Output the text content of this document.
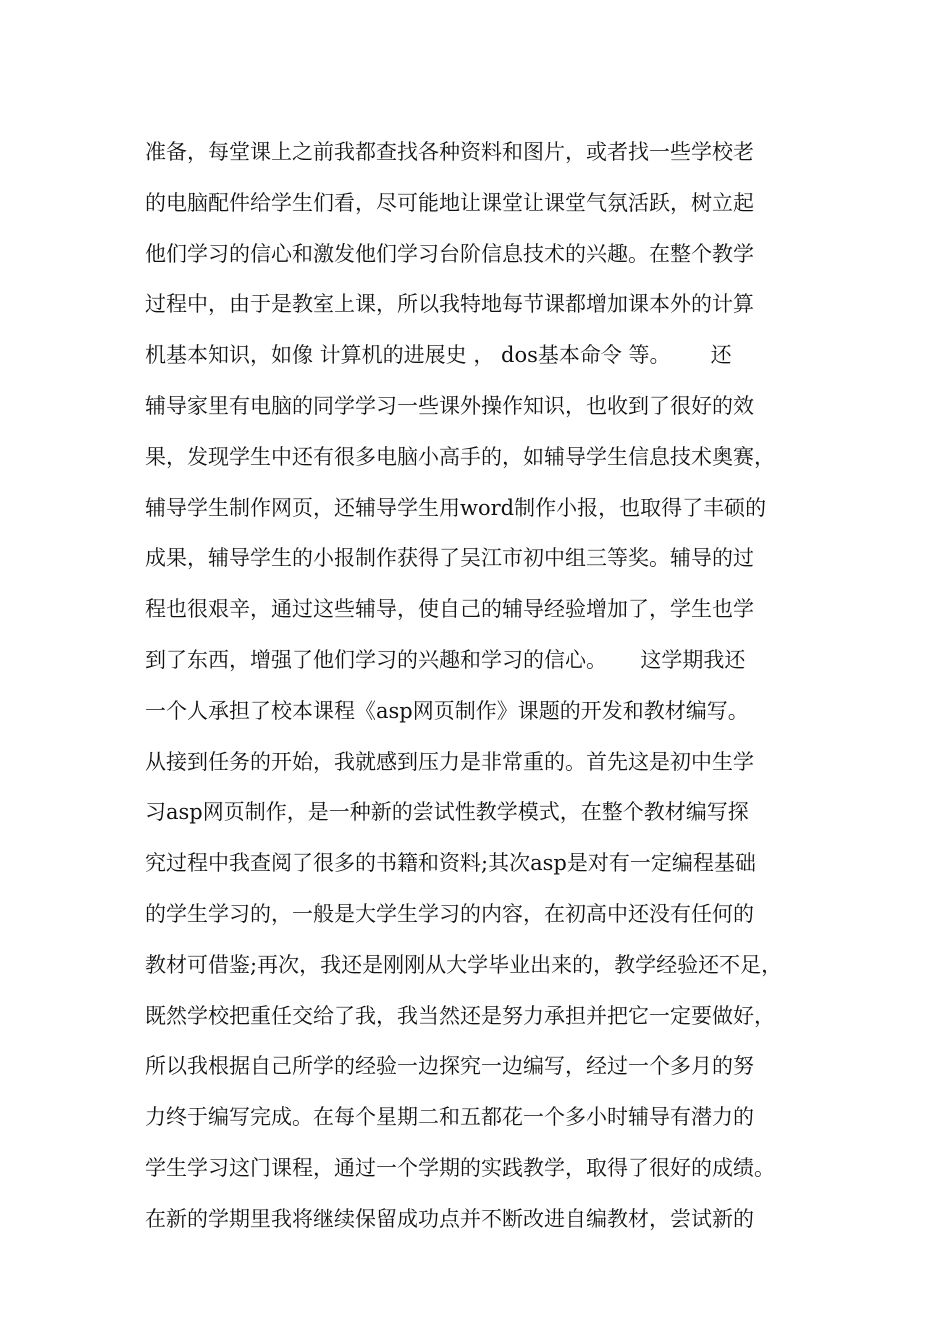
准备，每堂课上之前我都查找各种资料和图片，或者找一些学校老
的电脑配件给学生们看，尽可能地让课堂让课堂气氛活跃，树立起
他们学习的信心和激发他们学习台阶信息技术的兴趣。在整个教学
过程中，由于是教室上课，所以我特地每节课都增加课本外的计算
机基本知识，如像 计算机的进展史 ， dos基本命令 等。      还
辅导家里有电脑的同学学习一些课外操作知识，也收到了很好的效
果，发现学生中还有很多电脑小高手的，如辅导学生信息技术奥赛，
辅导学生制作网页，还辅导学生用word制作小报，也取得了丰硕的
成果，辅导学生的小报制作获得了吴江市初中组三等奖。辅导的过
程也很艰辛，通过这些辅导，使自己的辅导经验增加了，学生也学
到了东西，增强了他们学习的兴趣和学习的信心。     这学期我还
一个人承担了校本课程《asp网页制作》课题的开发和教材编写。
从接到任务的开始，我就感到压力是非常重的。首先这是初中生学
习asp网页制作，是一种新的尝试性教学模式，在整个教材编写探
究过程中我查阅了很多的书籍和资料;其次asp是对有一定编程基础
的学生学习的，一般是大学生学习的内容，在初高中还没有任何的
教材可借鉴;再次，我还是刚刚从大学毕业出来的，教学经验还不足，
既然学校把重任交给了我，我当然还是努力承担并把它一定要做好，
所以我根据自己所学的经验一边探究一边编写，经过一个多月的努
力终于编写完成。在每个星期二和五都花一个多小时辅导有潜力的
学生学习这门课程，通过一个学期的实践教学，取得了很好的成绩。
在新的学期里我将继续保留成功点并不断改进自编教材，尝试新的
